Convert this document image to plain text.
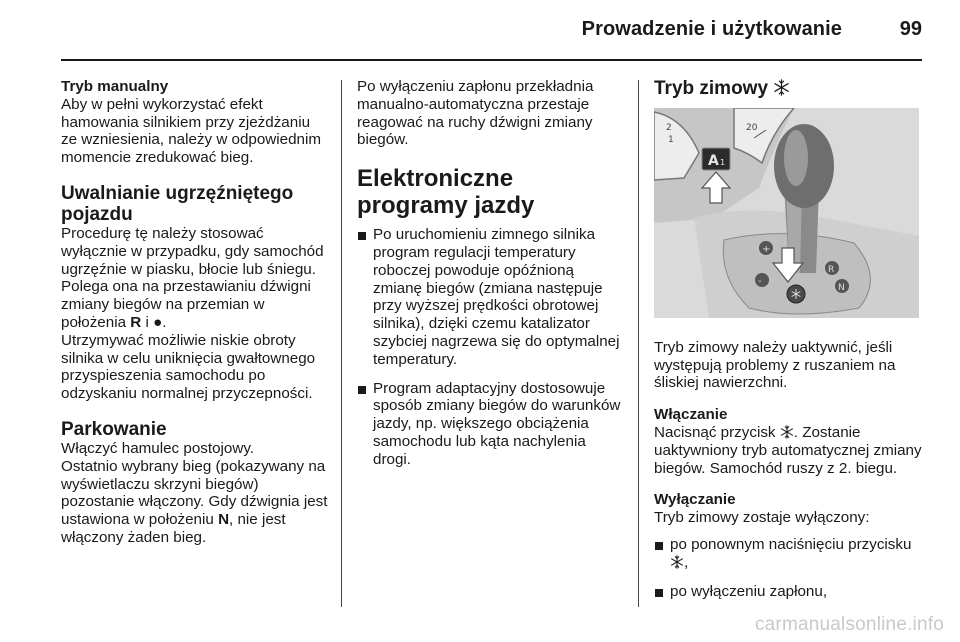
Prowadzenie i użytkowanie	99

Tryb manualny

Aby w pełni wykorzystać efekt hamowania silnikiem przy zjeżdżaniu ze wzniesienia, należy w odpowiednim momencie zredukować bieg.

Uwalnianie ugrzęźniętego pojazdu

Procedurę tę należy stosować wyłącznie w przypadku, gdy samochód ugrzęźnie w piasku, błocie lub śniegu. Polega ona na przestawianiu dźwigni zmiany biegów na przemian w położenia R i ●.

Utrzymywać możliwie niskie obroty silnika w celu uniknięcia gwałtownego przyspieszenia samochodu po odzyskaniu normalnej przyczepności.

Parkowanie

Włączyć hamulec postojowy.

Ostatnio wybrany bieg (pokazywany na wyświetlaczu skrzyni biegów) pozostanie włączony. Gdy dźwignia jest ustawiona w położeniu N, nie jest włączony żaden bieg.

Po wyłączeniu zapłonu przekładnia manualno-automatyczna przestaje reagować na ruchy dźwigni zmiany biegów.

Elektroniczne programy jazdy

Po uruchomieniu zimnego silnika program regulacji temperatury roboczej powoduje opóźnioną zmianę biegów (zmiana następuje przy wyższej prędkości obrotowej silnika), dzięki czemu katalizator szybciej nagrzewa się do optymalnej temperatury.
Program adaptacyjny dostosowuje sposób zmiany biegów do warunków jazdy, np. większego obciążenia samochodu lub kąta nachylenia drogi.

Tryb zimowy

2
1
20
A 1
+
-
R
N

Tryb zimowy należy uaktywnić, jeśli występują problemy z ruszaniem na śliskiej nawierzchni.

Włączanie

Nacisnąć przycisk . Zostanie uaktywniony tryb automatycznej zmiany biegów. Samochód ruszy z 2. biegu.

Wyłączanie

Tryb zimowy zostaje wyłączony:

po ponownym naciśnięciu przycisku ,
po wyłączeniu zapłonu,
carmanualsonline.info
